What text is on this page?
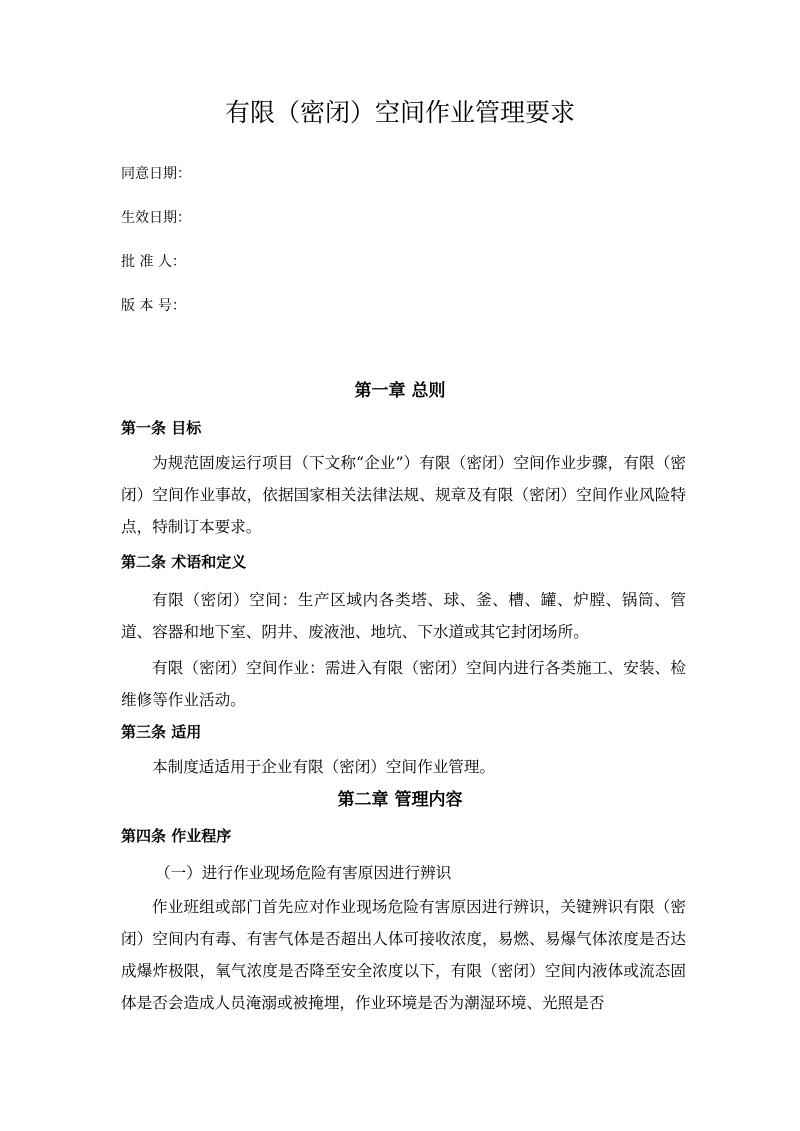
有限（密闭）空间作业管理要求
同意日期：
生效日期：
批 准 人：
版 本 号：
第一章 总则
第一条 目标
为规范固废运行项目（下文称“企业”）有限（密闭）空间作业步骤，有限（密闭）空间作业事故，依据国家相关法律法规、规章及有限（密闭）空间作业风险特点，特制订本要求。
第二条 术语和定义
有限（密闭）空间：生产区域内各类塔、球、釜、槽、罐、炉膛、锅筒、管道、容器和地下室、阴井、废液池、地坑、下水道或其它封闭场所。
有限（密闭）空间作业：需进入有限（密闭）空间内进行各类施工、安装、检维修等作业活动。
第三条 适用
本制度适适用于企业有限（密闭）空间作业管理。
第二章 管理内容
第四条 作业程序
（一）进行作业现场危险有害原因进行辨识
作业班组或部门首先应对作业现场危险有害原因进行辨识，关键辨识有限（密闭）空间内有毒、有害气体是否超出人体可接收浓度，易燃、易爆气体浓度是否达成爆炸极限，氧气浓度是否降至安全浓度以下，有限（密闭）空间内液体或流态固体是否会造成人员淹溺或被掩埋，作业环境是否为潮湿环境、光照是否
